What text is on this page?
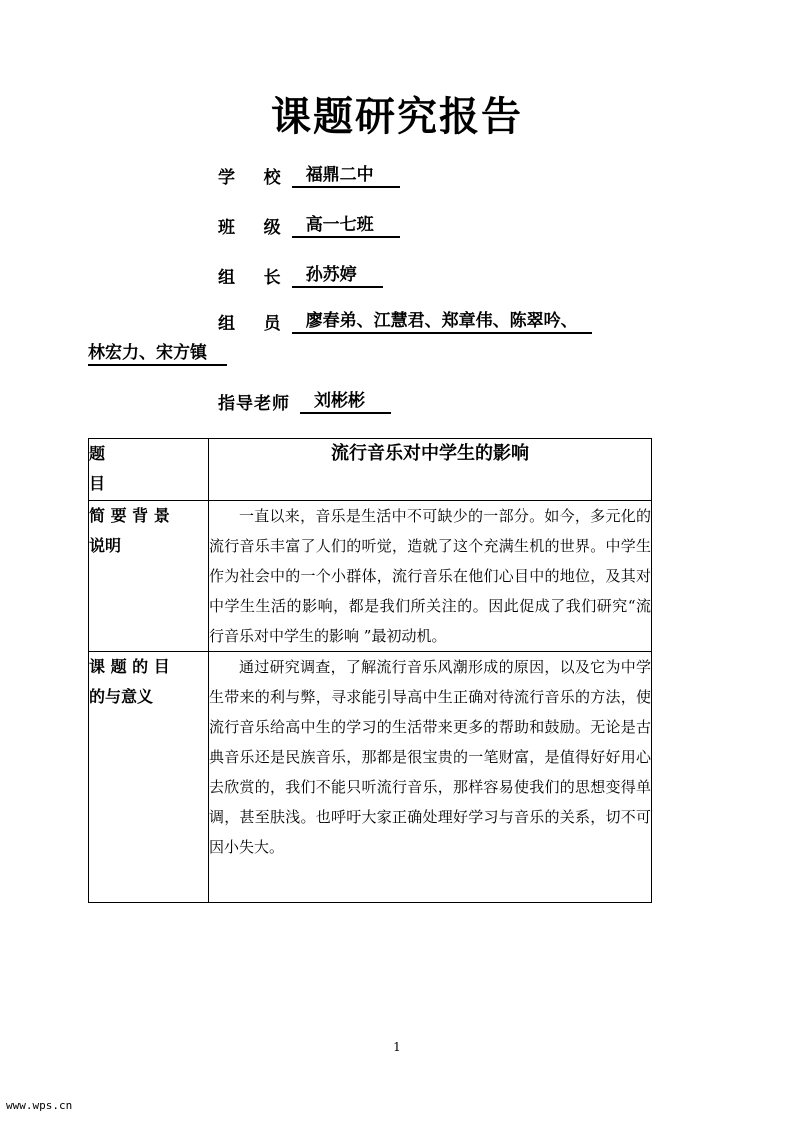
课题研究报告
学    校	福鼎二中
班    级	高一七班
组    长	孙苏婷
组    员	廖春弟、江慧君、郑章伟、陈翠吟、
林宏力、宋方镇
指导老师	刘彬彬
题
目	流行音乐对中学生的影响

简 要 背 景
说明	一直以来，音乐是生活中不可缺少的一部分。如今，多元化的流行音乐丰富了人们的听觉，造就了这个充满生机的世界。中学生作为社会中的一个小群体，流行音乐在他们心目中的地位，及其对中学生生活的影响，都是我们所关注的。因此促成了我们研究“流行音乐对中学生的影响 ”最初动机。

课 题 的 目
的与意义	通过研究调查，了解流行音乐风潮形成的原因，以及它为中学生带来的利与弊，寻求能引导高中生正确对待流行音乐的方法，使流行音乐给高中生的学习的生活带来更多的帮助和鼓励。无论是古典音乐还是民族音乐，那都是很宝贵的一笔财富，是值得好好用心去欣赏的，我们不能只听流行音乐，那样容易使我们的思想变得单调，甚至肤浅。也呼吁大家正确处理好学习与音乐的关系，切不可因小失大。

1
www.wps.cn
